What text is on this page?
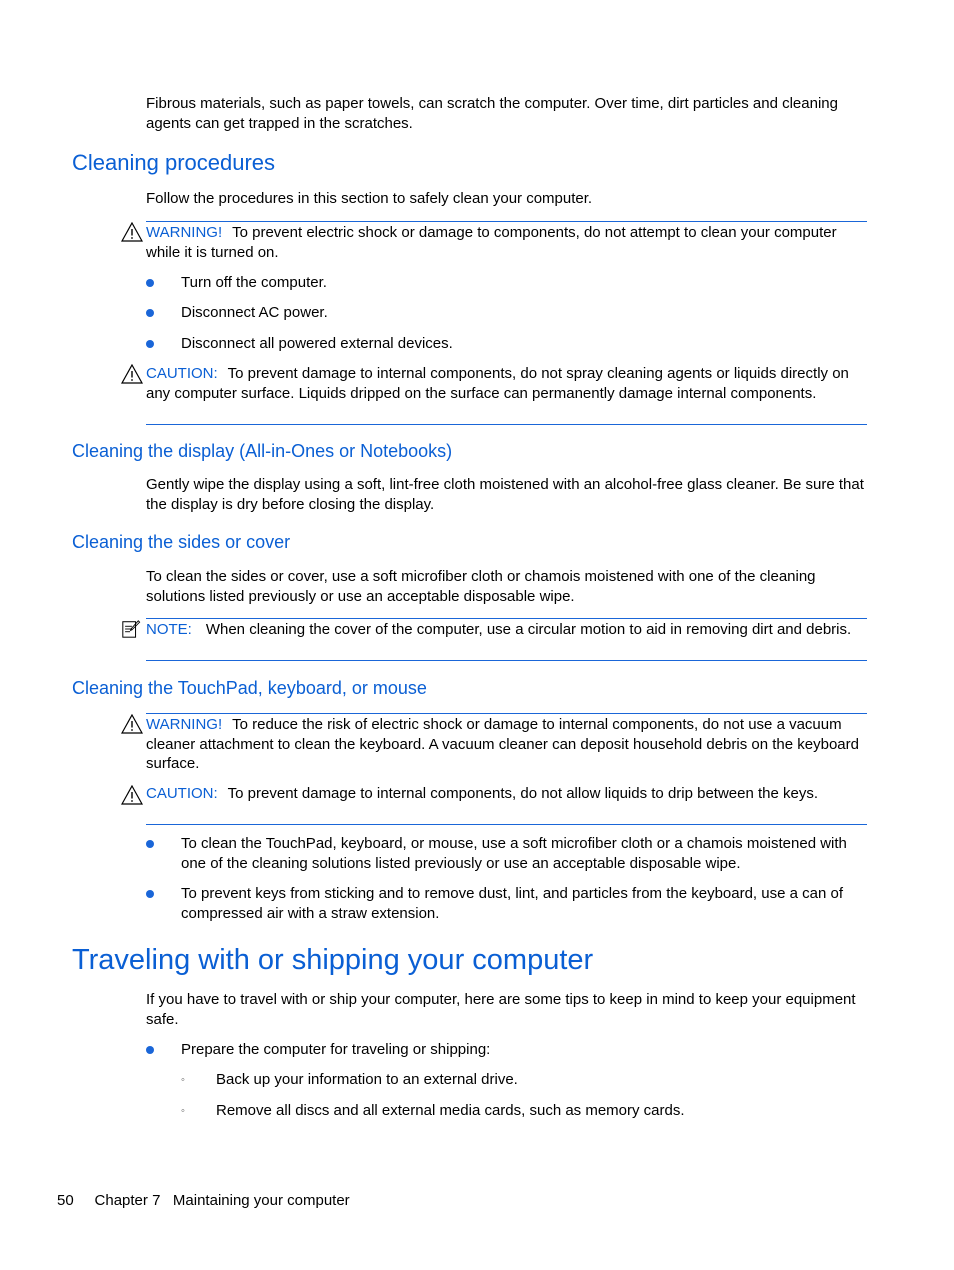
Fibrous materials, such as paper towels, can scratch the computer. Over time, dirt particles and cleaning agents can get trapped in the scratches.

Cleaning procedures

Follow the procedures in this section to safely clean your computer.

WARNING! To prevent electric shock or damage to components, do not attempt to clean your computer while it is turned on.

Turn off the computer.

Disconnect AC power.

Disconnect all powered external devices.

CAUTION: To prevent damage to internal components, do not spray cleaning agents or liquids directly on any computer surface. Liquids dripped on the surface can permanently damage internal components.

Cleaning the display (All-in-Ones or Notebooks)

Gently wipe the display using a soft, lint-free cloth moistened with an alcohol-free glass cleaner. Be sure that the display is dry before closing the display.

Cleaning the sides or cover

To clean the sides or cover, use a soft microfiber cloth or chamois moistened with one of the cleaning solutions listed previously or use an acceptable disposable wipe.

NOTE: When cleaning the cover of the computer, use a circular motion to aid in removing dirt and debris.

Cleaning the TouchPad, keyboard, or mouse

WARNING! To reduce the risk of electric shock or damage to internal components, do not use a vacuum cleaner attachment to clean the keyboard. A vacuum cleaner can deposit household debris on the keyboard surface.

CAUTION: To prevent damage to internal components, do not allow liquids to drip between the keys.

To clean the TouchPad, keyboard, or mouse, use a soft microfiber cloth or a chamois moistened with one of the cleaning solutions listed previously or use an acceptable disposable wipe.

To prevent keys from sticking and to remove dust, lint, and particles from the keyboard, use a can of compressed air with a straw extension.

Traveling with or shipping your computer

If you have to travel with or ship your computer, here are some tips to keep in mind to keep your equipment safe.

Prepare the computer for traveling or shipping:

◦ Back up your information to an external drive.

◦ Remove all discs and all external media cards, such as memory cards.

50 Chapter 7 Maintaining your computer
